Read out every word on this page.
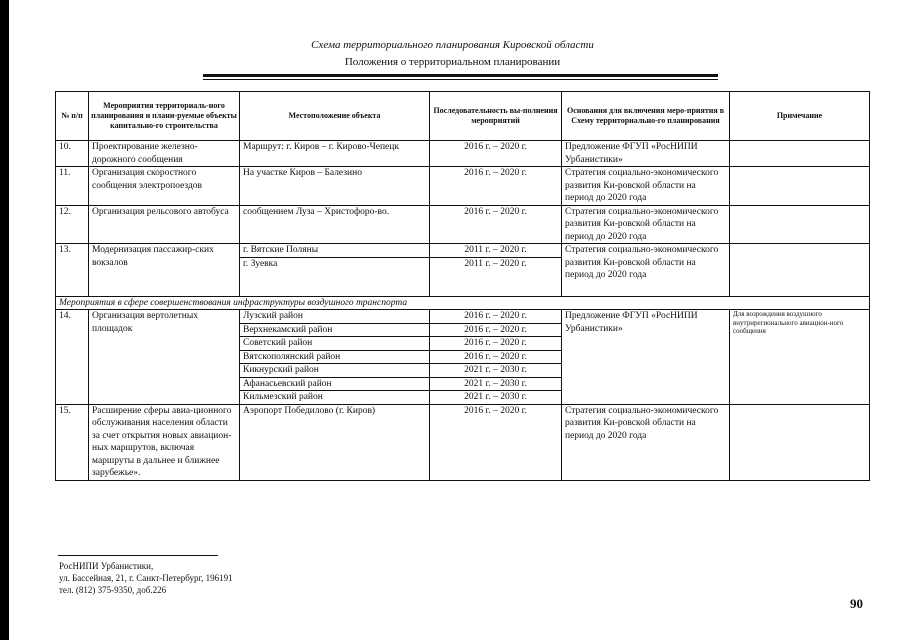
Схема территориального планирования Кировской области
Положения о территориальном планировании
№ п/п	Мероприятия территориаль-ного планирования и плани-руемые объекты капитально-го строительства	Местоположение объекта	Последовательность вы-полнения мероприятий	Основания для включения меро-приятия в Схему территориально-го планирования	Примечание
10.	Проектирование железно-дорожного сообщения	Маршрут: г. Киров – г. Кирово-Чепецк	2016 г. – 2020 г.	Предложение ФГУП «РосНИПИ Урбанистики»	
11.	Организация скоростного сообщения электропоездов	На участке Киров – Балезино	2016 г. – 2020 г.	Стратегия социально-экономического развития Ки-ровской области на период до 2020 года	
12.	Организация рельсового автобуса	сообщением Луза – Христофоро-во.	2016 г. – 2020 г.	Стратегия социально-экономического развития Ки-ровской области на период до 2020 года	
13.	Модернизация пассажир-ских вокзалов	г. Вятские Поляны	2011 г. – 2020 г.	Стратегия социально-экономического развития Ки-ровской области на период до 2020 года	
		г. Зуевка	2011 г. – 2020 г.		
Мероприятия в сфере совершенствования инфраструктуры воздушного транспорта					
14.	Организация вертолетных площадок	Лузский район	2016 г. – 2020 г.	Предложение ФГУП «РосНИПИ Урбанистики»	Для возрождения воздушного внутрирегионального авиацион-ного сообщения
		Верхнекамский район	2016 г. – 2020 г.		
		Советский район	2016 г. – 2020 г.		
		Вятскополянский район	2016 г. – 2020 г.		
		Кикнурский район	2021 г. – 2030 г.		
		Афанасьевский район	2021 г. – 2030 г.		
		Кильмезский район	2021 г. – 2030 г.		
15.	Расширение сферы авиа-ционного обслуживания населения области за счет открытия новых авиацион-ных маршрутов, включая маршруты в дальнее и ближнее зарубежье».	Аэропорт Победилово (г. Киров)	2016 г. – 2020 г.	Стратегия социально-экономического развития Ки-ровской области на период до 2020 года	
РосНИПИ Урбанистики,
ул. Бассейная, 21, г. Санкт-Петербург, 196191
тел. (812) 375-9350, доб.226
90
